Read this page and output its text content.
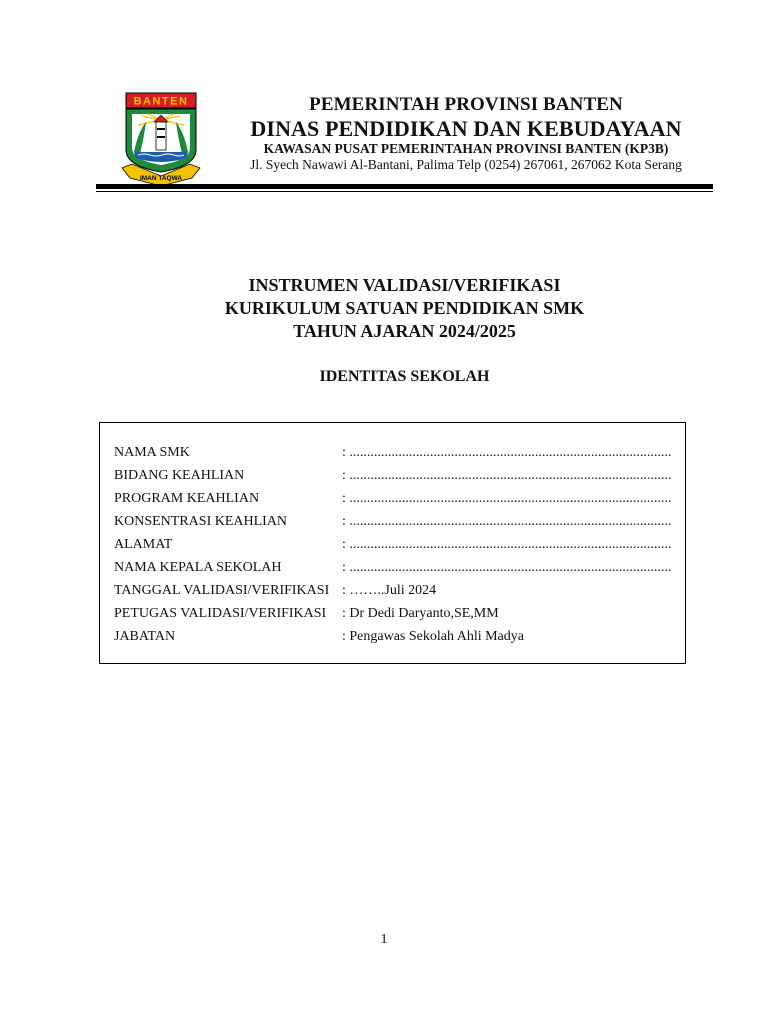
BANTEN
IMAN TAQWA
PEMERINTAH PROVINSI BANTEN
DINAS PENDIDIKAN DAN KEBUDAYAAN
KAWASAN PUSAT PEMERINTAHAN PROVINSI BANTEN (KP3B)
Jl. Syech Nawawi Al-Bantani, Palima Telp (0254) 267061, 267062 Kota Serang
INSTRUMEN VALIDASI/VERIFIKASI
KURIKULUM SATUAN PENDIDIKAN SMK
TAHUN AJARAN 2024/2025
IDENTITAS SEKOLAH
NAMA SMK	: ............................................................................................
BIDANG KEAHLIAN	: ............................................................................................
PROGRAM KEAHLIAN	: ............................................................................................
KONSENTRASI KEAHLIAN	: ............................................................................................
ALAMAT	: ............................................................................................
NAMA KEPALA SEKOLAH	: ............................................................................................
TANGGAL VALIDASI/VERIFIKASI : ……..Juli 2024
PETUGAS VALIDASI/VERIFIKASI	: Dr Dedi Daryanto,SE,MM
JABATAN	: Pengawas Sekolah Ahli Madya
1
